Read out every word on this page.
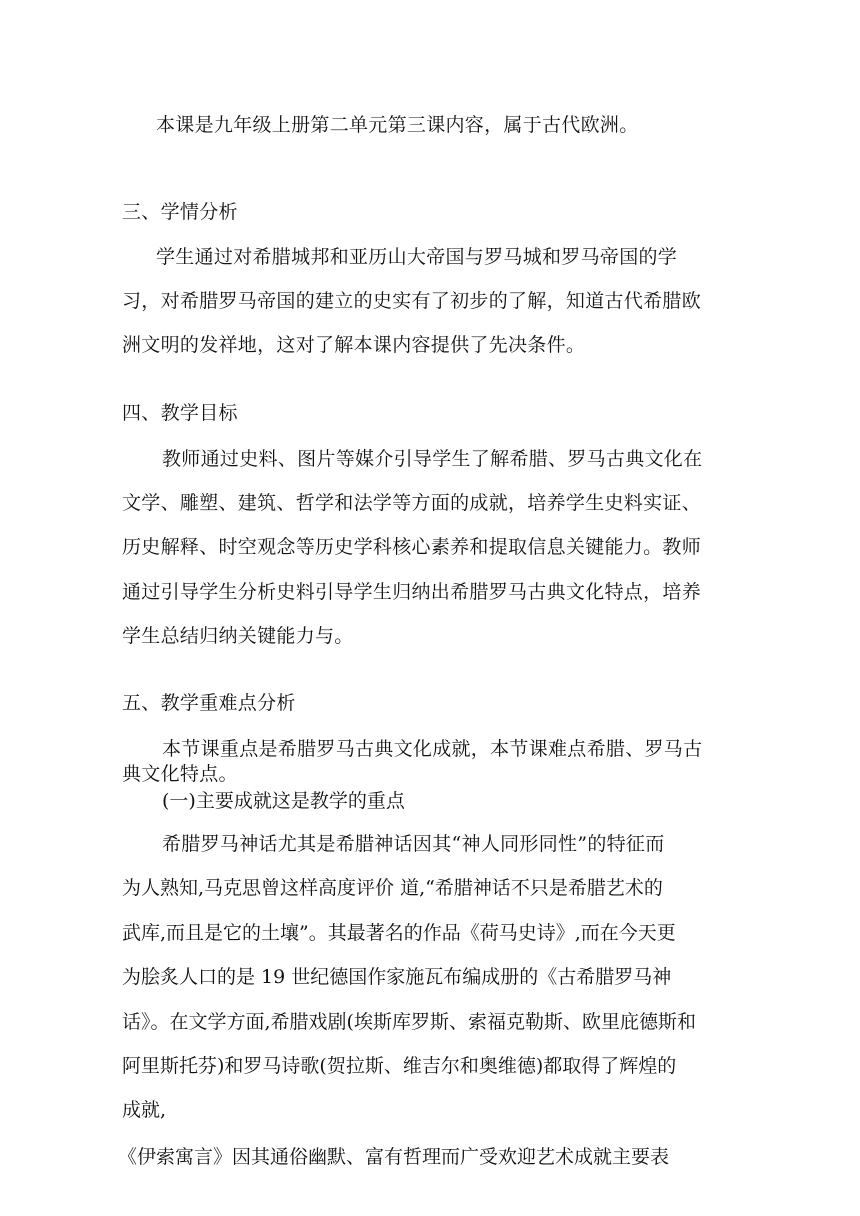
本课是九年级上册第二单元第三课内容，属于古代欧洲。
三、学情分析
学生通过对希腊城邦和亚历山大帝国与罗马城和罗马帝国的学
习，对希腊罗马帝国的建立的史实有了初步的了解，知道古代希腊欧
洲文明的发祥地，这对了解本课内容提供了先决条件。
四、教学目标
教师通过史料、图片等媒介引导学生了解希腊、罗马古典文化在
文学、雕塑、建筑、哲学和法学等方面的成就，培养学生史料实证、
历史解释、时空观念等历史学科核心素养和提取信息关键能力。教师
通过引导学生分析史料引导学生归纳出希腊罗马古典文化特点，培养
学生总结归纳关键能力与。
五、教学重难点分析
本节课重点是希腊罗马古典文化成就，本节课难点希腊、罗马古
典文化特点。
(一)主要成就这是教学的重点
希腊罗马神话尤其是希腊神话因其“神人同形同性”的特征而
为人熟知,马克思曾这样高度评价 道,“希腊神话不只是希腊艺术的
武库,而且是它的土壤”。其最著名的作品《荷马史诗》,而在今天更
为脍炙人口的是 19 世纪德国作家施瓦布编成册的《古希腊罗马神
话》。在文学方面,希腊戏剧(埃斯库罗斯、索福克勒斯、欧里庇德斯和
阿里斯托芬)和罗马诗歌(贺拉斯、维吉尔和奥维德)都取得了辉煌的
成就,
《伊索寓言》因其通俗幽默、富有哲理而广受欢迎艺术成就主要表
